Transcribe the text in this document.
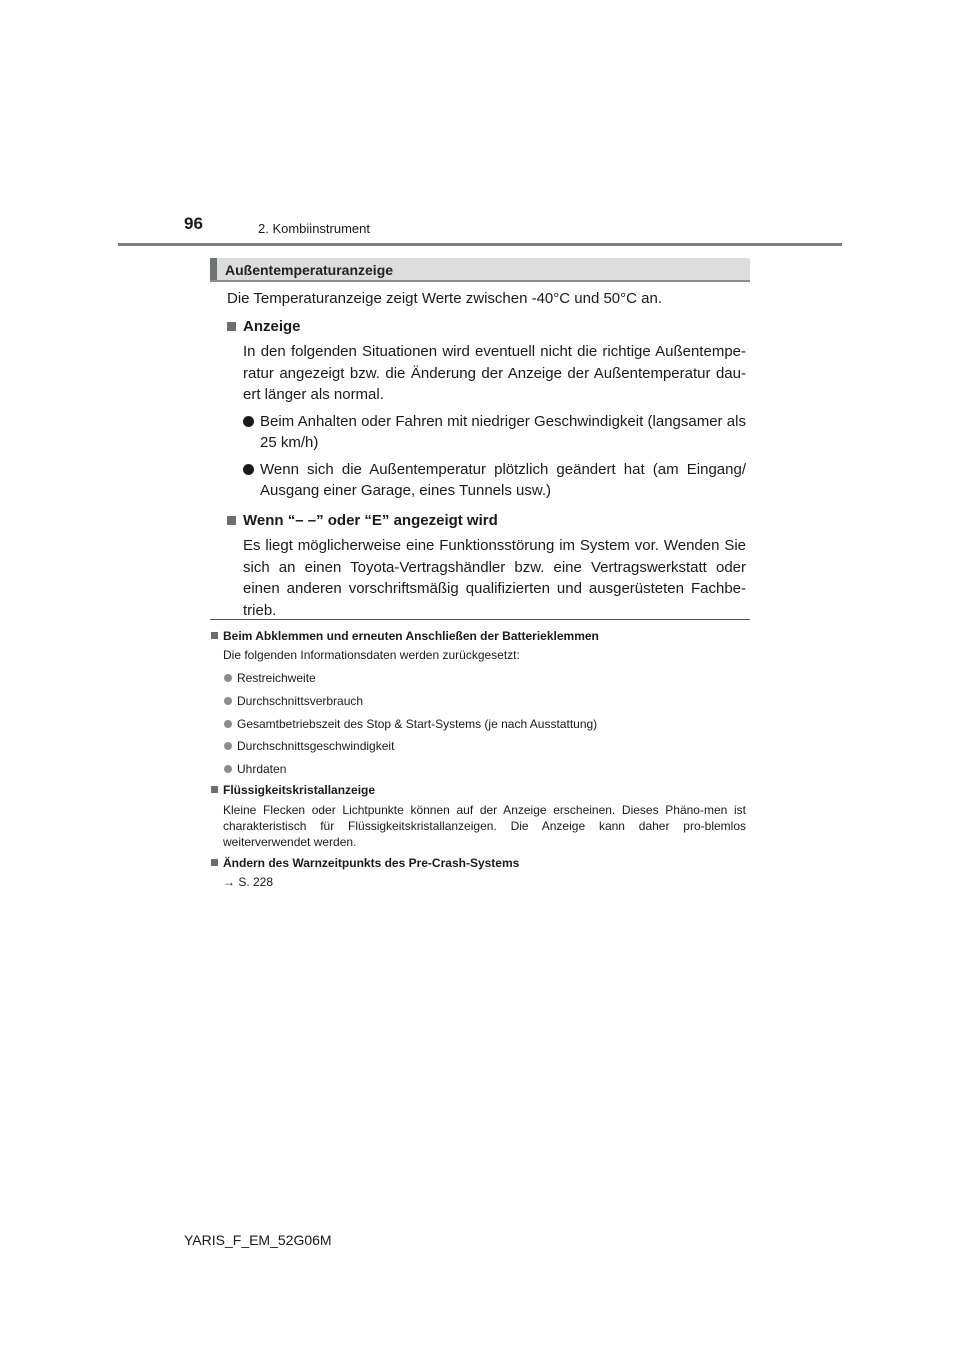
96	2. Kombiinstrument
Außentemperaturanzeige

Die Temperaturanzeige zeigt Werte zwischen -40°C und 50°C an.

Anzeige

In den folgenden Situationen wird eventuell nicht die richtige Außentempe-ratur angezeigt bzw. die Änderung der Anzeige der Außentemperatur dau-ert länger als normal.

Beim Anhalten oder Fahren mit niedriger Geschwindigkeit (langsamer als 25 km/h)
Wenn sich die Außentemperatur plötzlich geändert hat (am Eingang/ Ausgang einer Garage, eines Tunnels usw.)
Wenn “– –” oder “E” angezeigt wird

Es liegt möglicherweise eine Funktionsstörung im System vor. Wenden Sie sich an einen Toyota-Vertragshändler bzw. eine Vertragswerkstatt oder einen anderen vorschriftsmäßig qualifizierten und ausgerüsteten Fachbe-trieb.

Beim Abklemmen und erneuten Anschließen der Batterieklemmen
Die folgenden Informationsdaten werden zurückgesetzt:
Restreichweite
Durchschnittsverbrauch
Gesamtbetriebszeit des Stop & Start-Systems (je nach Ausstattung)
Durchschnittsgeschwindigkeit
Uhrdaten
Flüssigkeitskristallanzeige
Kleine Flecken oder Lichtpunkte können auf der Anzeige erscheinen. Dieses Phäno-men ist charakteristisch für Flüssigkeitskristallanzeigen. Die Anzeige kann daher pro-blemlos weiterverwendet werden.
Ändern des Warnzeitpunkts des Pre-Crash-Systems
→ S. 228
YARIS_F_EM_52G06M
